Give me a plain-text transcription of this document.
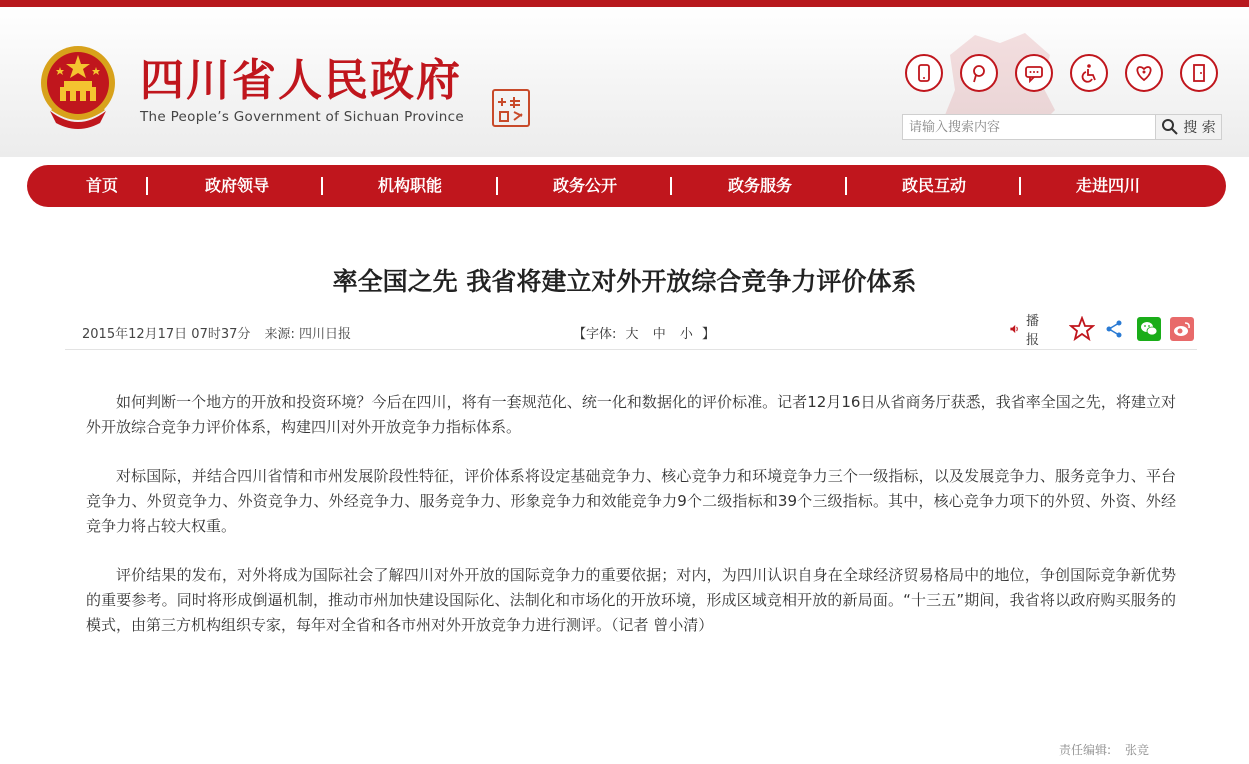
四川省人民政府
The People’s Government of Sichuan Province
请输入搜索内容
搜 索
首页	政府领导	机构职能	政务公开	政务服务	政民互动	走进四川
率全国之先 我省将建立对外开放综合竞争力评价体系
2015年12月17日 07时37分 来源: 四川日报	【字体: 大 中 小 】
播报

如何判断一个地方的开放和投资环境？今后在四川，将有一套规范化、统一化和数据化的评价标准。记者12月16日从省商务厅获悉，我省率全国之先，将建立对外开放综合竞争力评价体系，构建四川对外开放竞争力指标体系。

对标国际，并结合四川省情和市州发展阶段性特征，评价体系将设定基础竞争力、核心竞争力和环境竞争力三个一级指标，以及发展竞争力、服务竞争力、平台竞争力、外贸竞争力、外资竞争力、外经竞争力、服务竞争力、形象竞争力和效能竞争力9个二级指标和39个三级指标。其中，核心竞争力项下的外贸、外资、外经竞争力将占较大权重。

评价结果的发布，对外将成为国际社会了解四川对外开放的国际竞争力的重要依据；对内，为四川认识自身在全球经济贸易格局中的地位，争创国际竞争新优势的重要参考。同时将形成倒逼机制，推动市州加快建设国际化、法制化和市场化的开放环境，形成区域竞相开放的新局面。“十三五”期间，我省将以政府购买服务的模式，由第三方机构组织专家，每年对全省和各市州对外开放竞争力进行测评。（记者 曾小清）

责任编辑: 张竞
